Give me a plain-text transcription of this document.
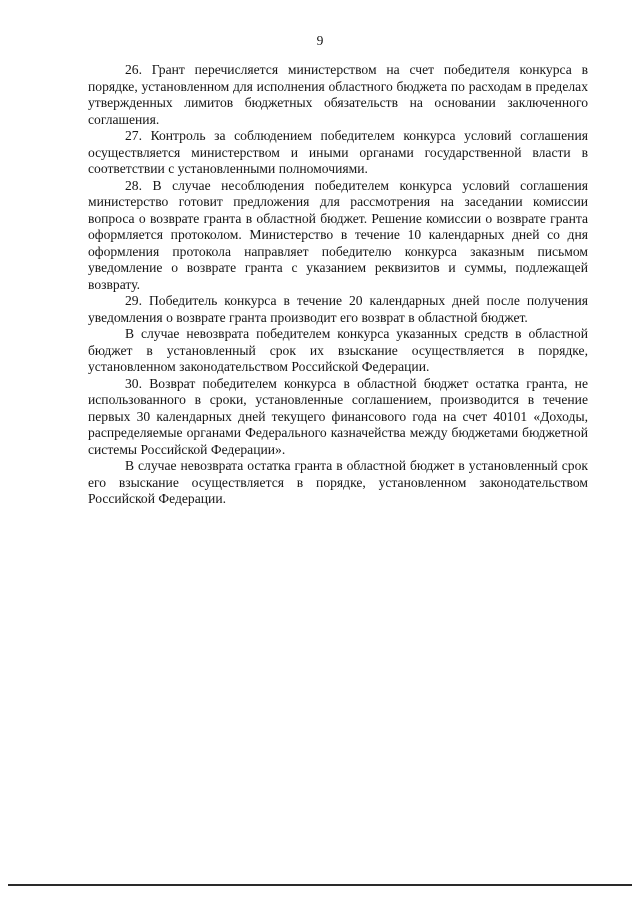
9

26. Грант перечисляется министерством на счет победителя конкурса в порядке, установленном для исполнения областного бюджета по расходам в пределах утвержденных лимитов бюджетных обязательств на основании заключенного соглашения.

27. Контроль за соблюдением победителем конкурса условий соглашения осуществляется министерством и иными органами государственной власти в соответствии с установленными полномочиями.

28. В случае несоблюдения победителем конкурса условий соглашения министерство готовит предложения для рассмотрения на заседании комиссии вопроса о возврате гранта в областной бюджет. Решение комиссии о возврате гранта оформляется протоколом. Министерство в течение 10 календарных дней со дня оформления протокола направляет победителю конкурса заказным письмом уведомление о возврате гранта с указанием реквизитов и суммы, подлежащей возврату.

29. Победитель конкурса в течение 20 календарных дней после получения уведомления о возврате гранта производит его возврат в областной бюджет.

В случае невозврата победителем конкурса указанных средств в областной бюджет в установленный срок их взыскание осуществляется в порядке, установленном законодательством Российской Федерации.

30. Возврат победителем конкурса в областной бюджет остатка гранта, не использованного в сроки, установленные соглашением, производится в течение первых 30 календарных дней текущего финансового года на счет 40101 «Доходы, распределяемые органами Федерального казначейства между бюджетами бюджетной системы Российской Федерации».

В случае невозврата остатка гранта в областной бюджет в установленный срок его взыскание осуществляется в порядке, установленном законодательством Российской Федерации.
